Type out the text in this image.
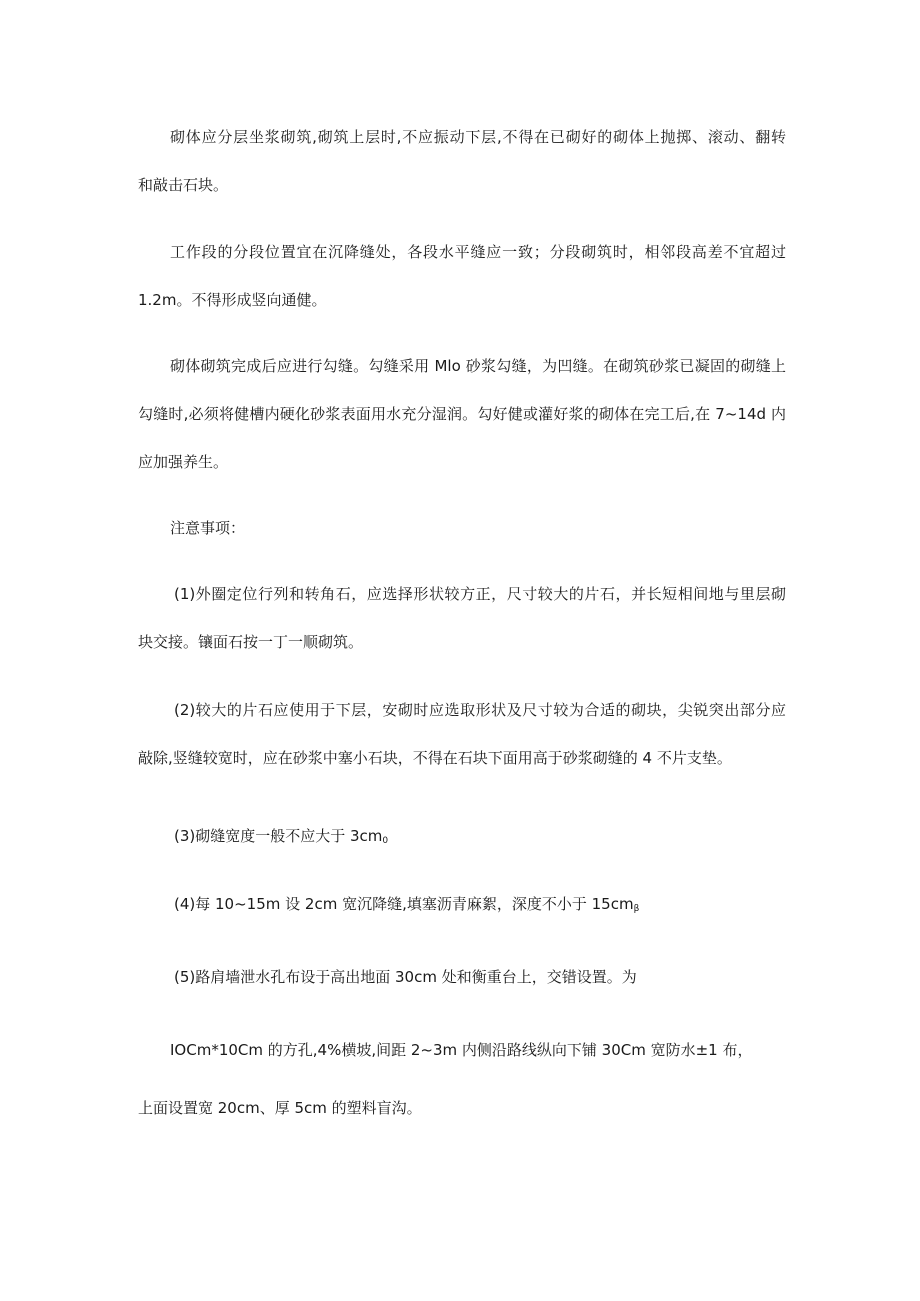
砌体应分层坐浆砌筑,砌筑上层时,不应振动下层,不得在已砌好的砌体上抛掷、滚动、翻转
和敲击石块。
工作段的分段位置宜在沉降缝处，各段水平缝应一致；分段砌筑时，相邻段高差不宜超过
1.2m。不得形成竖向通健。
砌体砌筑完成后应进行勾缝。勾缝采用 Mlo 砂浆勾缝，为凹缝。在砌筑砂浆已凝固的砌缝上
勾缝时,必须将健槽内硬化砂浆表面用水充分湿润。勾好健或灌好浆的砌体在完工后,在 7~14d 内
应加强养生。
注意事项：
(1)外圈定位行列和转角石，应选择形状较方正，尺寸较大的片石，并长短相间地与里层砌
块交接。镶面石按一丁一顺砌筑。
(2)较大的片石应使用于下层，安砌时应选取形状及尺寸较为合适的砌块，尖锐突出部分应
敲除,竖缝较宽时，应在砂浆中塞小石块，不得在石块下面用高于砂浆砌缝的 4 不片支垫。
(3)砌缝宽度一般不应大于 $3cm_0$
(4)每 10~15m 设 2cm 宽沉降缝,填塞沥青麻絮，深度不小于 $15cm_\beta$
(5)路肩墙泄水孔布设于高出地面 30cm 处和衡重台上，交错设置。为
IOCm*10Cm 的方孔,4%横坡,间距 2~3m 内侧沿路线纵向下铺 30Cm 宽防水±1 布，
上面设置宽 20cm、厚 5cm 的塑料盲沟。
